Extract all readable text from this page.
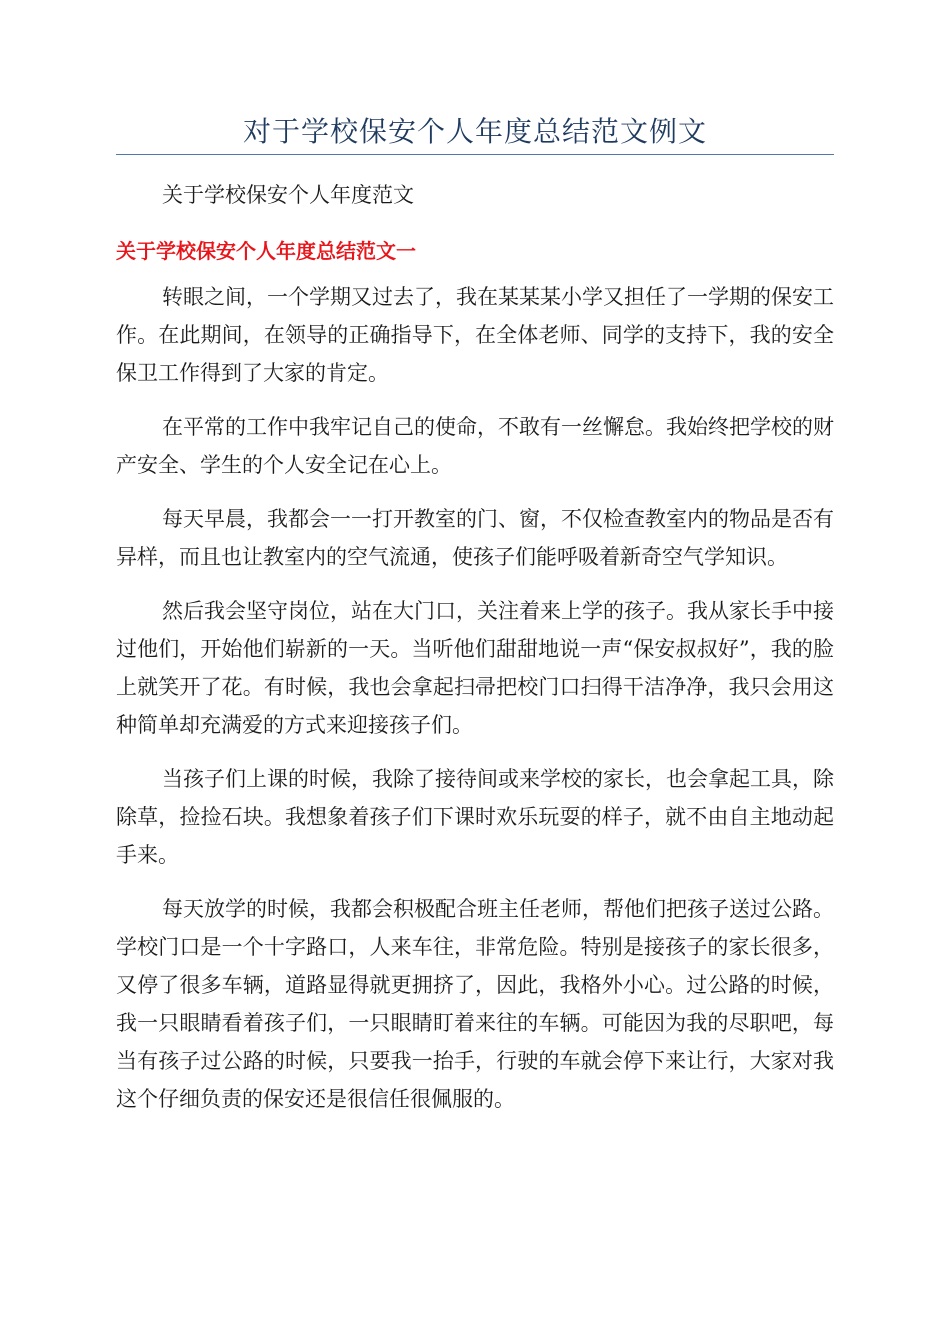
对于学校保安个人年度总结范文例文

关于学校保安个人年度范文

关于学校保安个人年度总结范文一

转眼之间，一个学期又过去了，我在某某某小学又担任了一学期的保安工作。在此期间，在领导的正确指导下，在全体老师、同学的支持下，我的安全保卫工作得到了大家的肯定。

在平常的工作中我牢记自己的使命，不敢有一丝懈怠。我始终把学校的财产安全、学生的个人安全记在心上。

每天早晨，我都会一一打开教室的门、窗，不仅检查教室内的物品是否有异样，而且也让教室内的空气流通，使孩子们能呼吸着新奇空气学知识。

然后我会坚守岗位，站在大门口，关注着来上学的孩子。我从家长手中接过他们，开始他们崭新的一天。当听他们甜甜地说一声“保安叔叔好”，我的脸上就笑开了花。有时候，我也会拿起扫帚把校门口扫得干洁净净，我只会用这种简单却充满爱的方式来迎接孩子们。

当孩子们上课的时候，我除了接待间或来学校的家长，也会拿起工具，除除草，捡捡石块。我想象着孩子们下课时欢乐玩耍的样子，就不由自主地动起手来。

每天放学的时候，我都会积极配合班主任老师，帮他们把孩子送过公路。学校门口是一个十字路口，人来车往，非常危险。特别是接孩子的家长很多，又停了很多车辆，道路显得就更拥挤了，因此，我格外小心。过公路的时候，我一只眼睛看着孩子们，一只眼睛盯着来往的车辆。可能因为我的尽职吧，每当有孩子过公路的时候，只要我一抬手，行驶的车就会停下来让行，大家对我这个仔细负责的保安还是很信任很佩服的。
